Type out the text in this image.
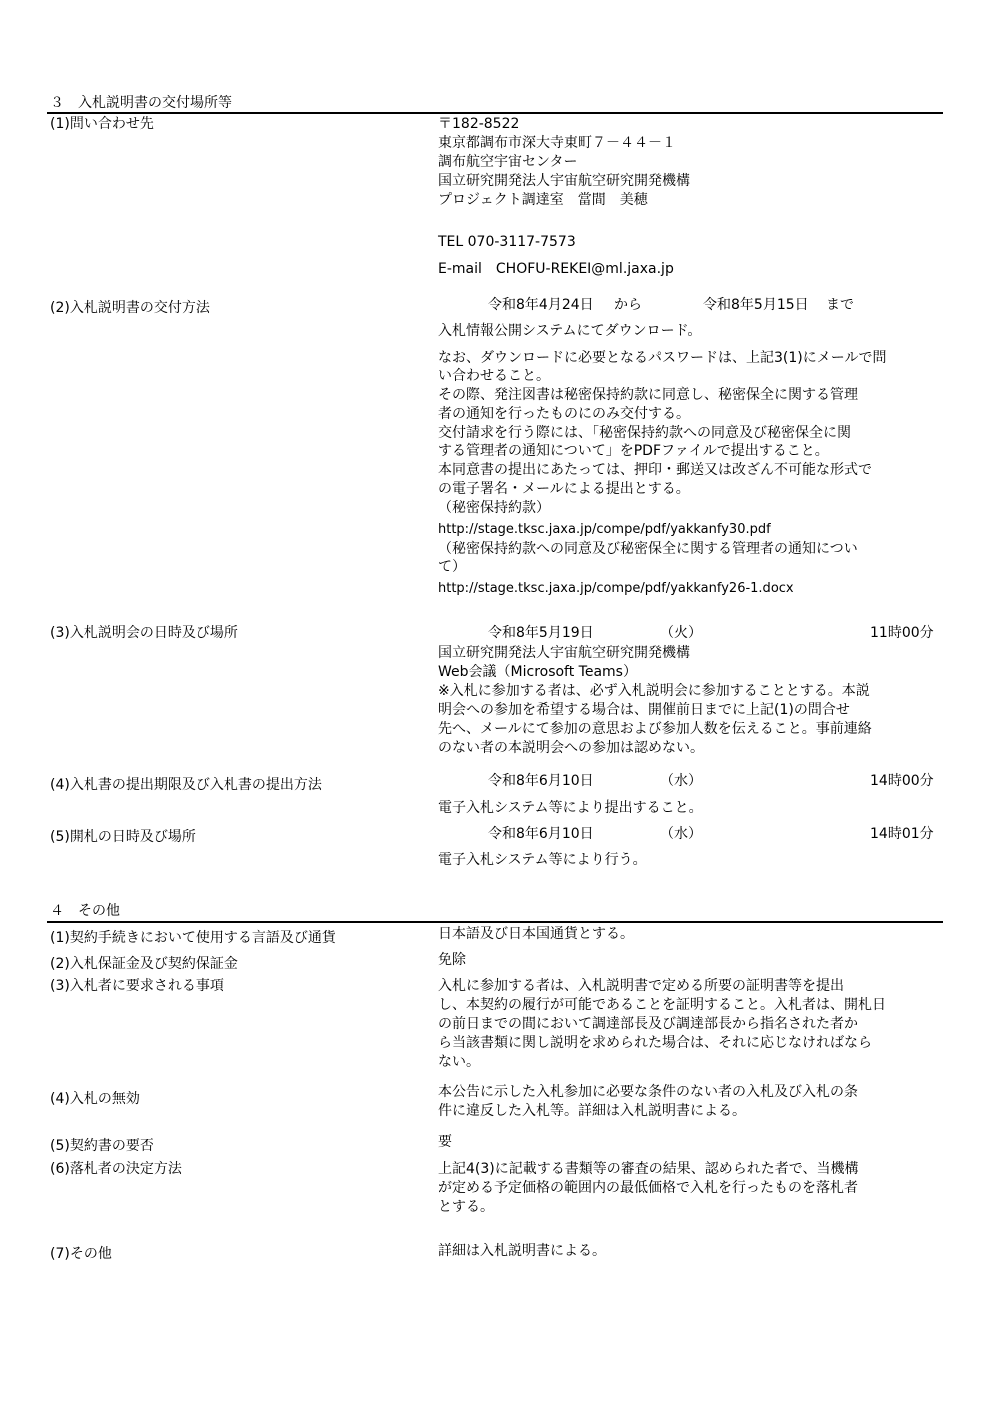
３　入札説明書の交付場所等
(1)問い合わせ先	〒182-8522
東京都調布市深大寺東町７－４４－１
調布航空宇宙センター
国立研究開発法人宇宙航空研究開発機構
プロジェクト調達室　當間　美穂
TEL 070-3117-7573
E-mail　CHOFU-REKEI@ml.jaxa.jp
(2)入札説明書の交付方法	令和8年4月24日 から	令和8年5月15日 まで
入札情報公開システムにてダウンロード。
なお、ダウンロードに必要となるパスワードは、上記3(1)にメールで問
い合わせること。
その際、発注図書は秘密保持約款に同意し、秘密保全に関する管理
者の通知を行ったものにのみ交付する。
交付請求を行う際には、「秘密保持約款への同意及び秘密保全に関
する管理者の通知について」をPDFファイルで提出すること。
本同意書の提出にあたっては、押印・郵送又は改ざん不可能な形式で
の電子署名・メールによる提出とする。
（秘密保持約款）
http://stage.tksc.jaxa.jp/compe/pdf/yakkanfy30.pdf
（秘密保持約款への同意及び秘密保全に関する管理者の通知につい
て）
http://stage.tksc.jaxa.jp/compe/pdf/yakkanfy26-1.docx
(3)入札説明会の日時及び場所	令和8年5月19日	（火）	11時00分
国立研究開発法人宇宙航空研究開発機構
Web会議（Microsoft Teams）
※入札に参加する者は、必ず入札説明会に参加することとする。本説
明会への参加を希望する場合は、開催前日までに上記(1)の問合せ
先へ、メールにて参加の意思および参加人数を伝えること。事前連絡
のない者の本説明会への参加は認めない。
(4)入札書の提出期限及び入札書の提出方法	令和8年6月10日	（水）	14時00分
電子入札システム等により提出すること。
(5)開札の日時及び場所	令和8年6月10日	（水）	14時01分
電子入札システム等により行う。
４　その他
(1)契約手続きにおいて使用する言語及び通貨	日本語及び日本国通貨とする。
(2)入札保証金及び契約保証金	免除
(3)入札者に要求される事項	入札に参加する者は、入札説明書で定める所要の証明書等を提出
し、本契約の履行が可能であることを証明すること。入札者は、開札日
の前日までの間において調達部長及び調達部長から指名された者か
ら当該書類に関し説明を求められた場合は、それに応じなければなら
ない。
(4)入札の無効	本公告に示した入札参加に必要な条件のない者の入札及び入札の条
件に違反した入札等。詳細は入札説明書による。
(5)契約書の要否	要
(6)落札者の決定方法	上記4(3)に記載する書類等の審査の結果、認められた者で、当機構
が定める予定価格の範囲内の最低価格で入札を行ったものを落札者
とする。
(7)その他	詳細は入札説明書による。
